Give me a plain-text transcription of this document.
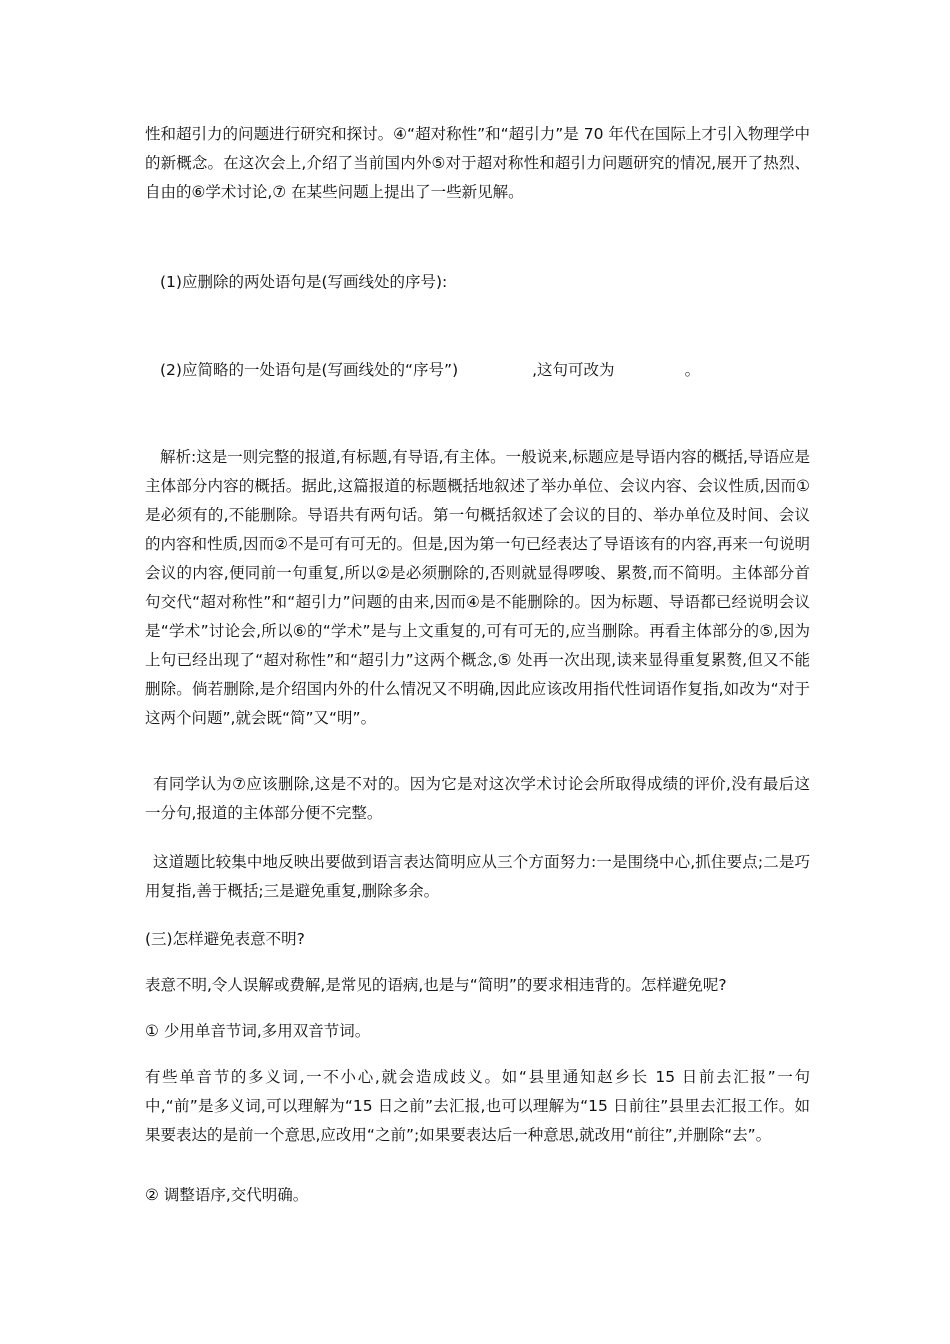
性和超引力的问题进行研究和探讨。④“超对称性”和“超引力”是 70 年代在国际上才引入物理学中的新概念。在这次会上,介绍了当前国内外⑤对于超对称性和超引力问题研究的情况,展开了热烈、自由的⑥学术讨论,⑦ 在某些问题上提出了一些新见解。

(1)应删除的两处语句是(写画线处的序号):

(2)应简略的一处语句是(写画线处的“序号”)	,这句可改为	。

解析:这是一则完整的报道,有标题,有导语,有主体。一般说来,标题应是导语内容的概括,导语应是主体部分内容的概括。据此,这篇报道的标题概括地叙述了举办单位、会议内容、会议性质,因而①是必须有的,不能删除。导语共有两句话。第一句概括叙述了会议的目的、举办单位及时间、会议的内容和性质,因而②不是可有可无的。但是,因为第一句已经表达了导语该有的内容,再来一句说明会议的内容,便同前一句重复,所以②是必须删除的,否则就显得啰唆、累赘,而不简明。主体部分首句交代“超对称性”和“超引力”问题的由来,因而④是不能删除的。因为标题、导语都已经说明会议是“学术”讨论会,所以⑥的“学术”是与上文重复的,可有可无的,应当删除。再看主体部分的⑤,因为上句已经出现了“超对称性”和“超引力”这两个概念,⑤ 处再一次出现,读来显得重复累赘,但又不能删除。倘若删除,是介绍国内外的什么情况又不明确,因此应该改用指代性词语作复指,如改为“对于这两个问题”,就会既“简”又“明”。

有同学认为⑦应该删除,这是不对的。因为它是对这次学术讨论会所取得成绩的评价,没有最后这一分句,报道的主体部分便不完整。

这道题比较集中地反映出要做到语言表达简明应从三个方面努力:一是围绕中心,抓住要点;二是巧用复指,善于概括;三是避免重复,删除多余。

(三)怎样避免表意不明?

表意不明,令人误解或费解,是常见的语病,也是与“简明”的要求相违背的。怎样避免呢?

① 少用单音节词,多用双音节词。

有些单音节的多义词,一不小心,就会造成歧义。如“县里通知赵乡长 15 日前去汇报”一句中,“前”是多义词,可以理解为“15 日之前”去汇报,也可以理解为“15 日前往”县里去汇报工作。如果要表达的是前一个意思,应改用“之前”;如果要表达后一种意思,就改用“前往”,并删除“去”。

② 调整语序,交代明确。
